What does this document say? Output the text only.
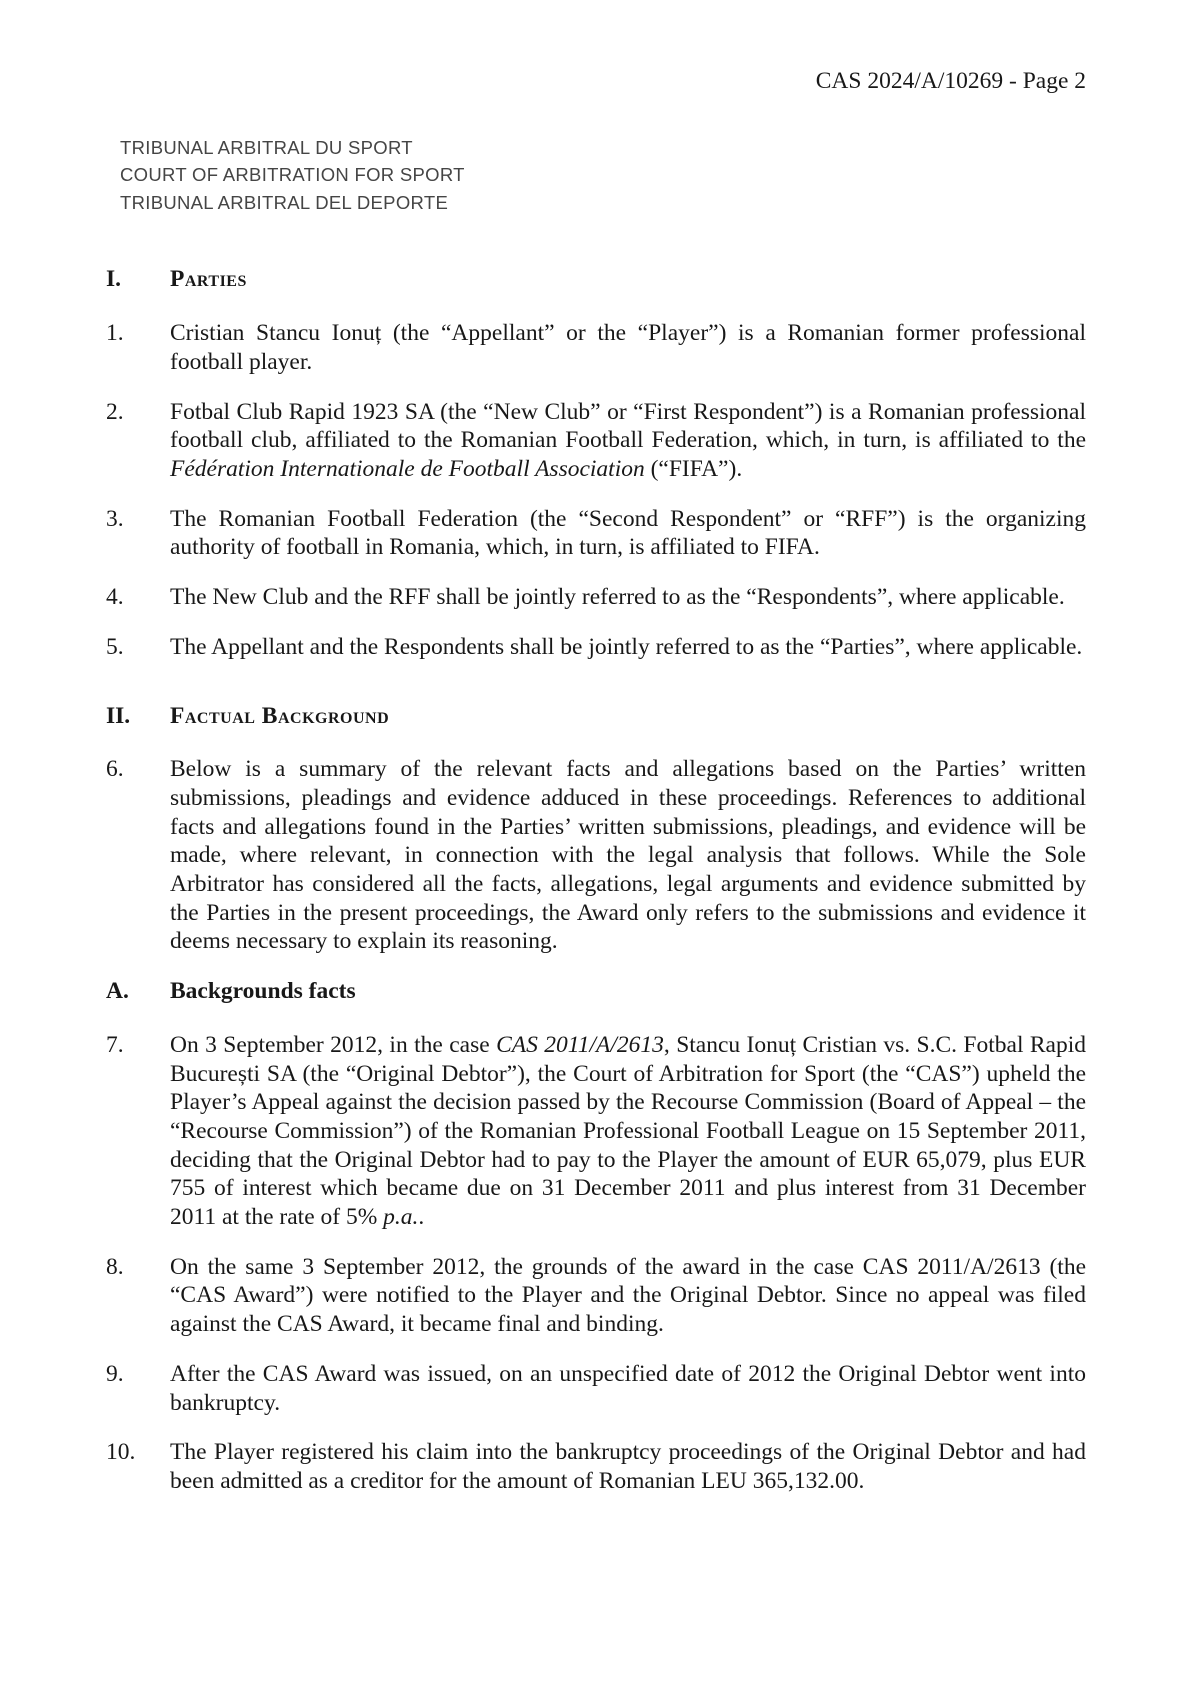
CAS 2024/A/10269 - Page 2
TRIBUNAL ARBITRAL DU SPORT
COURT OF ARBITRATION FOR SPORT
TRIBUNAL ARBITRAL DEL DEPORTE
I. Parties
1. Cristian Stancu Ionuț (the “Appellant” or the “Player”) is a Romanian former professional football player.
2. Fotbal Club Rapid 1923 SA (the “New Club” or “First Respondent”) is a Romanian professional football club, affiliated to the Romanian Football Federation, which, in turn, is affiliated to the Fédération Internationale de Football Association (“FIFA”).
3. The Romanian Football Federation (the “Second Respondent” or “RFF”) is the organizing authority of football in Romania, which, in turn, is affiliated to FIFA.
4. The New Club and the RFF shall be jointly referred to as the “Respondents”, where applicable.
5. The Appellant and the Respondents shall be jointly referred to as the “Parties”, where applicable.
II. Factual Background
6. Below is a summary of the relevant facts and allegations based on the Parties’ written submissions, pleadings and evidence adduced in these proceedings. References to additional facts and allegations found in the Parties’ written submissions, pleadings, and evidence will be made, where relevant, in connection with the legal analysis that follows. While the Sole Arbitrator has considered all the facts, allegations, legal arguments and evidence submitted by the Parties in the present proceedings, the Award only refers to the submissions and evidence it deems necessary to explain its reasoning.
A. Backgrounds facts
7. On 3 September 2012, in the case CAS 2011/A/2613, Stancu Ionuț Cristian vs. S.C. Fotbal Rapid București SA (the “Original Debtor”), the Court of Arbitration for Sport (the “CAS”) upheld the Player’s Appeal against the decision passed by the Recourse Commission (Board of Appeal – the “Recourse Commission”) of the Romanian Professional Football League on 15 September 2011, deciding that the Original Debtor had to pay to the Player the amount of EUR 65,079, plus EUR 755 of interest which became due on 31 December 2011 and plus interest from 31 December 2011 at the rate of 5% p.a..
8. On the same 3 September 2012, the grounds of the award in the case CAS 2011/A/2613 (the “CAS Award”) were notified to the Player and the Original Debtor. Since no appeal was filed against the CAS Award, it became final and binding.
9. After the CAS Award was issued, on an unspecified date of 2012 the Original Debtor went into bankruptcy.
10. The Player registered his claim into the bankruptcy proceedings of the Original Debtor and had been admitted as a creditor for the amount of Romanian LEU 365,132.00.
